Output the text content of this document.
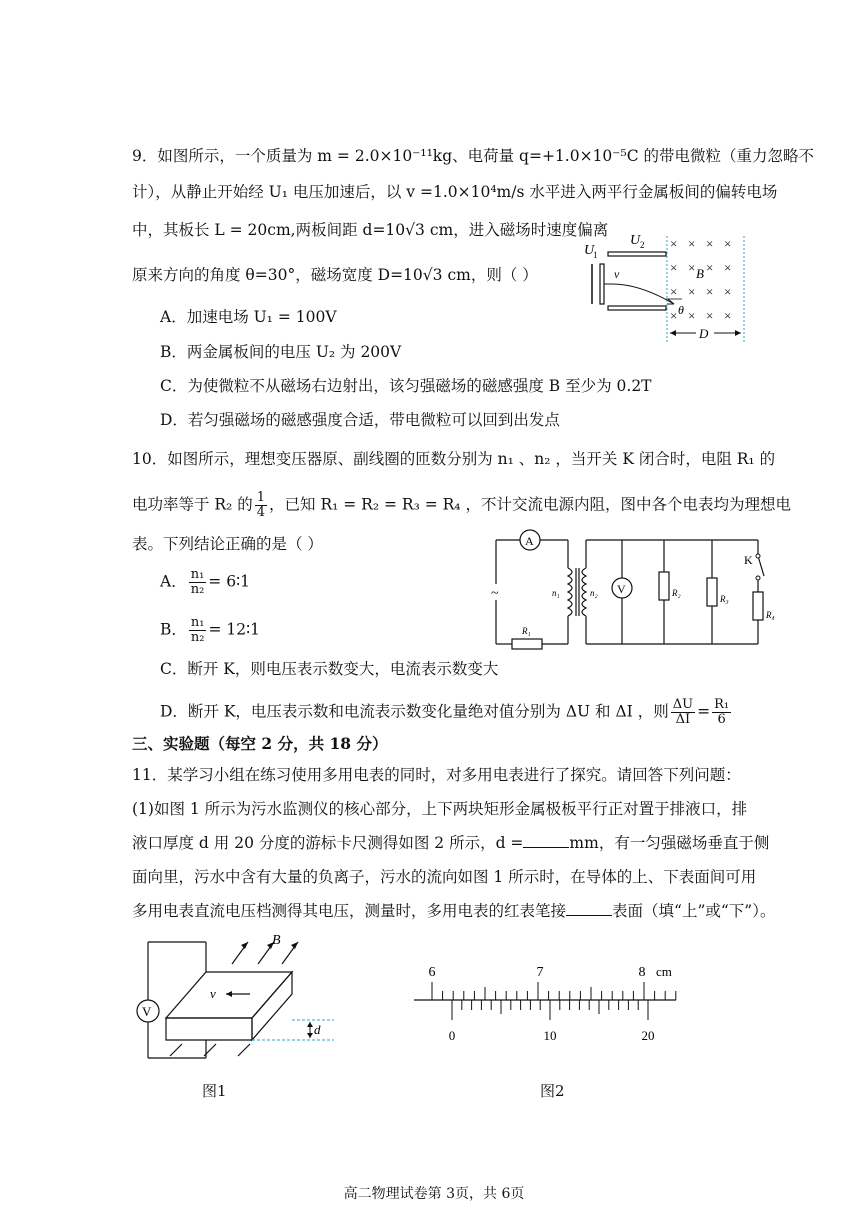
9．如图所示，一个质量为 m = 2.0×10⁻¹¹kg、电荷量 q=+1.0×10⁻⁵C 的带电微粒（重力忽略不
计），从静止开始经 U₁ 电压加速后，以 v =1.0×10⁴m/s 水平进入两平行金属板间的偏转电场
中，其板长 L = 20cm,两板间距 d=10√3 cm，进入磁场时速度偏离
原来方向的角度 θ=30°，磁场宽度 D=10√3 cm，则（ ）
A．加速电场 U₁ = 100V
B．两金属板间的电压 U₂ 为 200V
C．为使微粒不从磁场右边射出，该匀强磁场的磁感强度 B 至少为 0.2T
D．若匀强磁场的磁感强度合适，带电微粒可以回到出发点
U
1
U 2
v
θ
× × × ×
× × × ×
× × × ×
× × × ×
B
D
10．如图所示，理想变压器原、副线圈的匝数分别为 n₁ 、n₂ ，当开关 K 闭合时，电阻 R₁ 的
电功率等于 R₂ 的 $\frac{1}{4}$ ，已知 R₁ = R₂ = R₃ = R₄ ，不计交流电源内阻，图中各个电表均为理想电
表。下列结论正确的是（ ）
A． $\frac{\text{n₁}}{\text{n₂}}$ = 6∶1
B． $\frac{\text{n₁}}{\text{n₂}}$ = 12∶1
C．断开 K，则电压表示数变大，电流表示数变大
D．断开 K，电压表示数和电流表示数变化量绝对值分别为 ΔU 和 ΔI ，则 $\frac{\Delta U}{\Delta I} = \frac{\text{R₁}}{6}$
~
A
V
K
n₁	n₂
R₁
R₂
R₃
R₄
三、实验题（每空 2 分，共 18 分）
11．某学习小组在练习使用多用电表的同时，对多用电表进行了探究。请回答下列问题：
(1)如图 1 所示为污水监测仪的核心部分，上下两块矩形金属极板平行正对置于排液口，排
液口厚度 d 用 20 分度的游标卡尺测得如图 2 所示，d =	mm，有一匀强磁场垂直于侧
面向里，污水中含有大量的负离子，污水的流向如图 1 所示时，在导体的上、下表面间可用
多用电表直流电压档测得其电压，测量时，多用电表的红表笔接	表面（填“上”或“下”）。
d
B
v
V
图1
6	7	8 cm
0	10	20
图2
高二物理试卷第 3页，共 6页
